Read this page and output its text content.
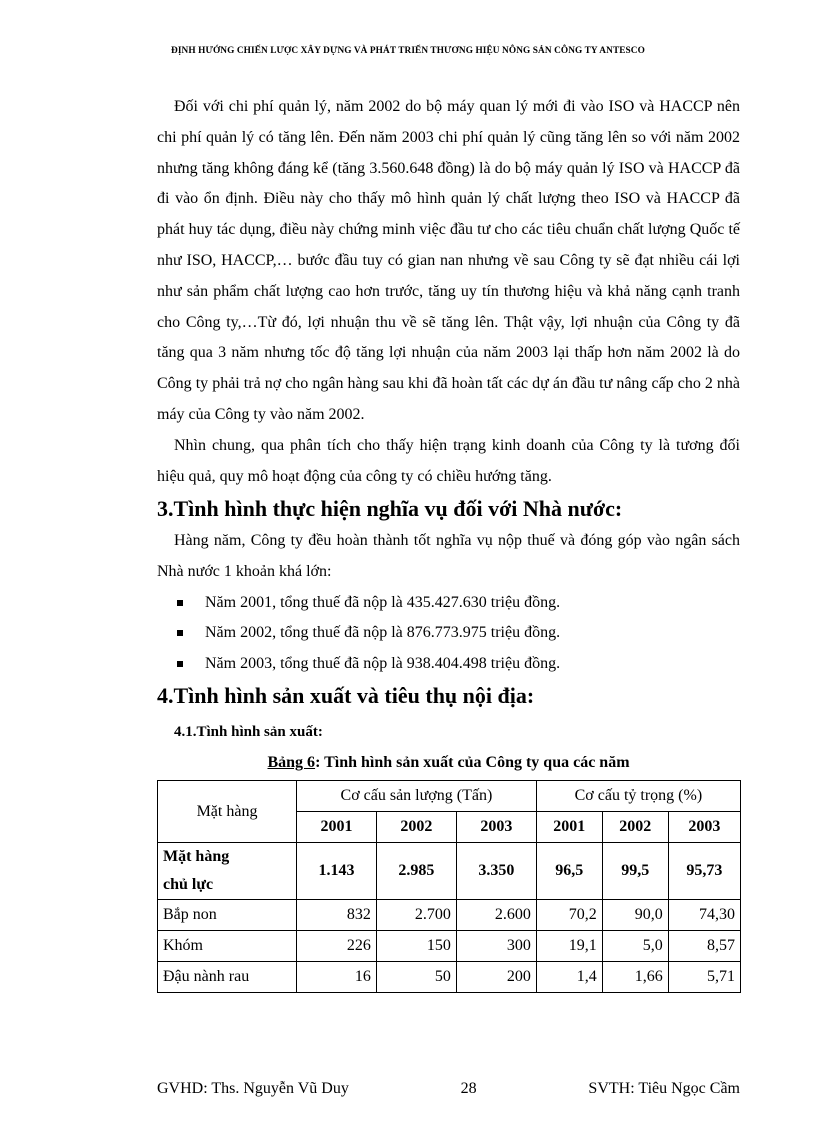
ĐỊNH HƯỚNG CHIẾN LƯỢC XÂY DỰNG VÀ PHÁT TRIỂN THƯƠNG HIỆU NÔNG SẢN CÔNG TY ANTESCO

Đối với chi phí quản lý, năm 2002 do bộ máy quan lý mới đi vào ISO và HACCP nên chi phí quản lý có tăng lên. Đến năm 2003 chi phí quản lý cũng tăng lên so với năm 2002 nhưng tăng không đáng kể (tăng 3.560.648 đồng) là do bộ máy quản lý ISO và HACCP đã đi vào ổn định. Điều này cho thấy mô hình quản lý chất lượng theo ISO và HACCP đã phát huy tác dụng, điều này chứng minh việc đầu tư cho các tiêu chuẩn chất lượng Quốc tế như ISO, HACCP,… bước đầu tuy có gian nan nhưng về sau Công ty sẽ đạt nhiều cái lợi như sản phẩm chất lượng cao hơn trước, tăng uy tín thương hiệu và khả năng cạnh tranh cho Công ty,…Từ đó, lợi nhuận thu về sẽ tăng lên. Thật vậy, lợi nhuận của Công ty đã tăng qua 3 năm nhưng tốc độ tăng lợi nhuận của năm 2003 lại thấp hơn năm 2002 là do Công ty phải trả nợ cho ngân hàng sau khi đã hoàn tất các dự án đầu tư nâng cấp cho 2 nhà máy của Công ty vào năm 2002.

Nhìn chung, qua phân tích cho thấy hiện trạng kinh doanh của Công ty là tương đối hiệu quả, quy mô hoạt động của công ty có chiều hướng tăng.

3.Tình hình thực hiện nghĩa vụ đối với Nhà nước:

Hàng năm, Công ty đều hoàn thành tốt nghĩa vụ nộp thuế và đóng góp vào ngân sách Nhà nước 1 khoản khá lớn:

Năm 2001, tổng thuế đã nộp là 435.427.630 triệu đồng.
Năm 2002, tổng thuế đã nộp là 876.773.975 triệu đồng.
Năm 2003, tổng thuế đã nộp là 938.404.498 triệu đồng.
4.Tình hình sản xuất và tiêu thụ nội địa:
4.1.Tình hình sản xuất:
Bảng 6: Tình hình sản xuất của Công ty qua các năm
Mặt hàng	Cơ cấu sản lượng (Tấn)			Cơ cấu tỷ trọng (%)		
	2001	2002	2003	2001	2002	2003
Mặt hàng
chủ lực	1.143	2.985	3.350	96,5	99,5	95,73
Bắp non	832	2.700	2.600	70,2	90,0	74,30
Khóm	226	150	300	19,1	5,0	8,57
Đậu nành rau	16	50	200	1,4	1,66	5,71
GVHD: Ths. Nguyễn Vũ Duy	28	SVTH: Tiêu Ngọc Cầm
